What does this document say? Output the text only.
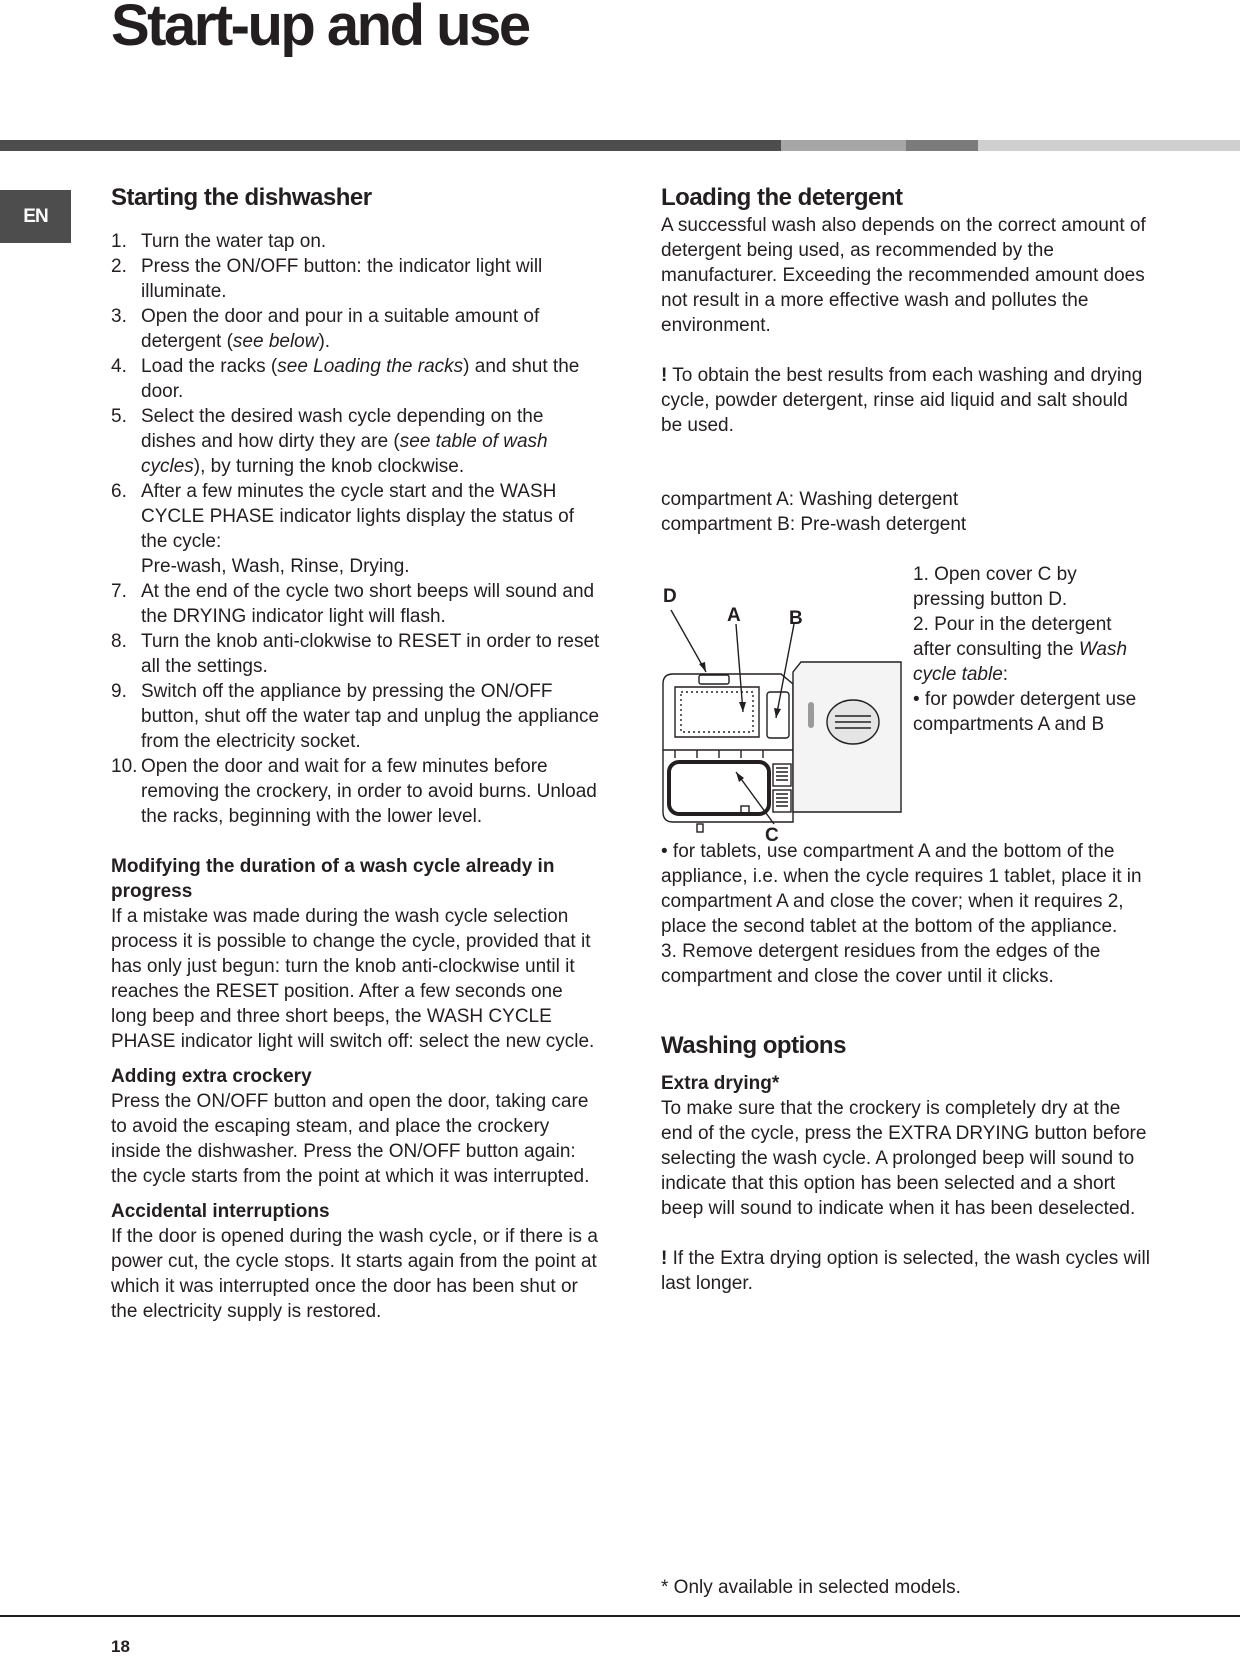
Start-up and use
EN
Starting the dishwasher
1. Turn the water tap on.
2. Press the ON/OFF button: the indicator light will illuminate.
3. Open the door and pour in a suitable amount of detergent (see below).
4. Load the racks (see Loading the racks) and shut the door.
5. Select the desired wash cycle depending on the dishes and how dirty they are (see table of wash cycles), by turning the knob clockwise.
6. After a few minutes the cycle start and the WASH CYCLE PHASE indicator lights display the status of the cycle:
Pre-wash, Wash, Rinse, Drying.
7. At the end of the cycle two short beeps will sound and the DRYING indicator light will flash.
8. Turn the knob anti-clokwise to RESET in order to reset all the settings.
9. Switch off the appliance by pressing the ON/OFF button, shut off the water tap and unplug the appliance from the electricity socket.
10. Open the door and wait for a few minutes before removing the crockery, in order to avoid burns. Unload the racks, beginning with the lower level.
Modifying the duration of a wash cycle already in progress

If a mistake was made during the wash cycle selection process it is possible to change the cycle, provided that it has only just begun: turn the knob anti-clockwise until it reaches the RESET position. After a few seconds one long beep and three short beeps, the WASH CYCLE PHASE indicator light will switch off: select the new cycle.

Adding extra crockery

Press the ON/OFF button and open the door, taking care to avoid the escaping steam, and place the crockery inside the dishwasher. Press the ON/OFF button again: the cycle starts from the point at which it was interrupted.

Accidental interruptions

If the door is opened during the wash cycle, or if there is a power cut, the cycle stops. It starts again from the point at which it was interrupted once the door has been shut or the electricity supply is restored.

Loading the detergent

A successful wash also depends on the correct amount of detergent being used, as recommended by the manufacturer. Exceeding the recommended amount does not result in a more effective wash and pollutes the environment.

! To obtain the best results from each washing and drying cycle, powder detergent, rinse aid liquid and salt should be used.

compartment A: Washing detergent

compartment B: Pre-wash detergent

D
A	B
C

1. Open cover C by pressing button D.

2. Pour in the detergent after consulting the Wash cycle table:

• for powder detergent use compartments A and B

• for tablets, use compartment A and the bottom of the appliance, i.e. when the cycle requires 1 tablet, place it in compartment A and close the cover; when it requires 2, place the second tablet at the bottom of the appliance.

3. Remove detergent residues from the edges of the compartment and close the cover until it clicks.

Washing options
Extra drying*

To make sure that the crockery is completely dry at the end of the cycle, press the EXTRA DRYING button before selecting the wash cycle. A prolonged beep will sound to indicate that this option has been selected and a short beep will sound to indicate when it has been deselected.

! If the Extra drying option is selected, the wash cycles will last longer.

* Only available in selected models.
18
